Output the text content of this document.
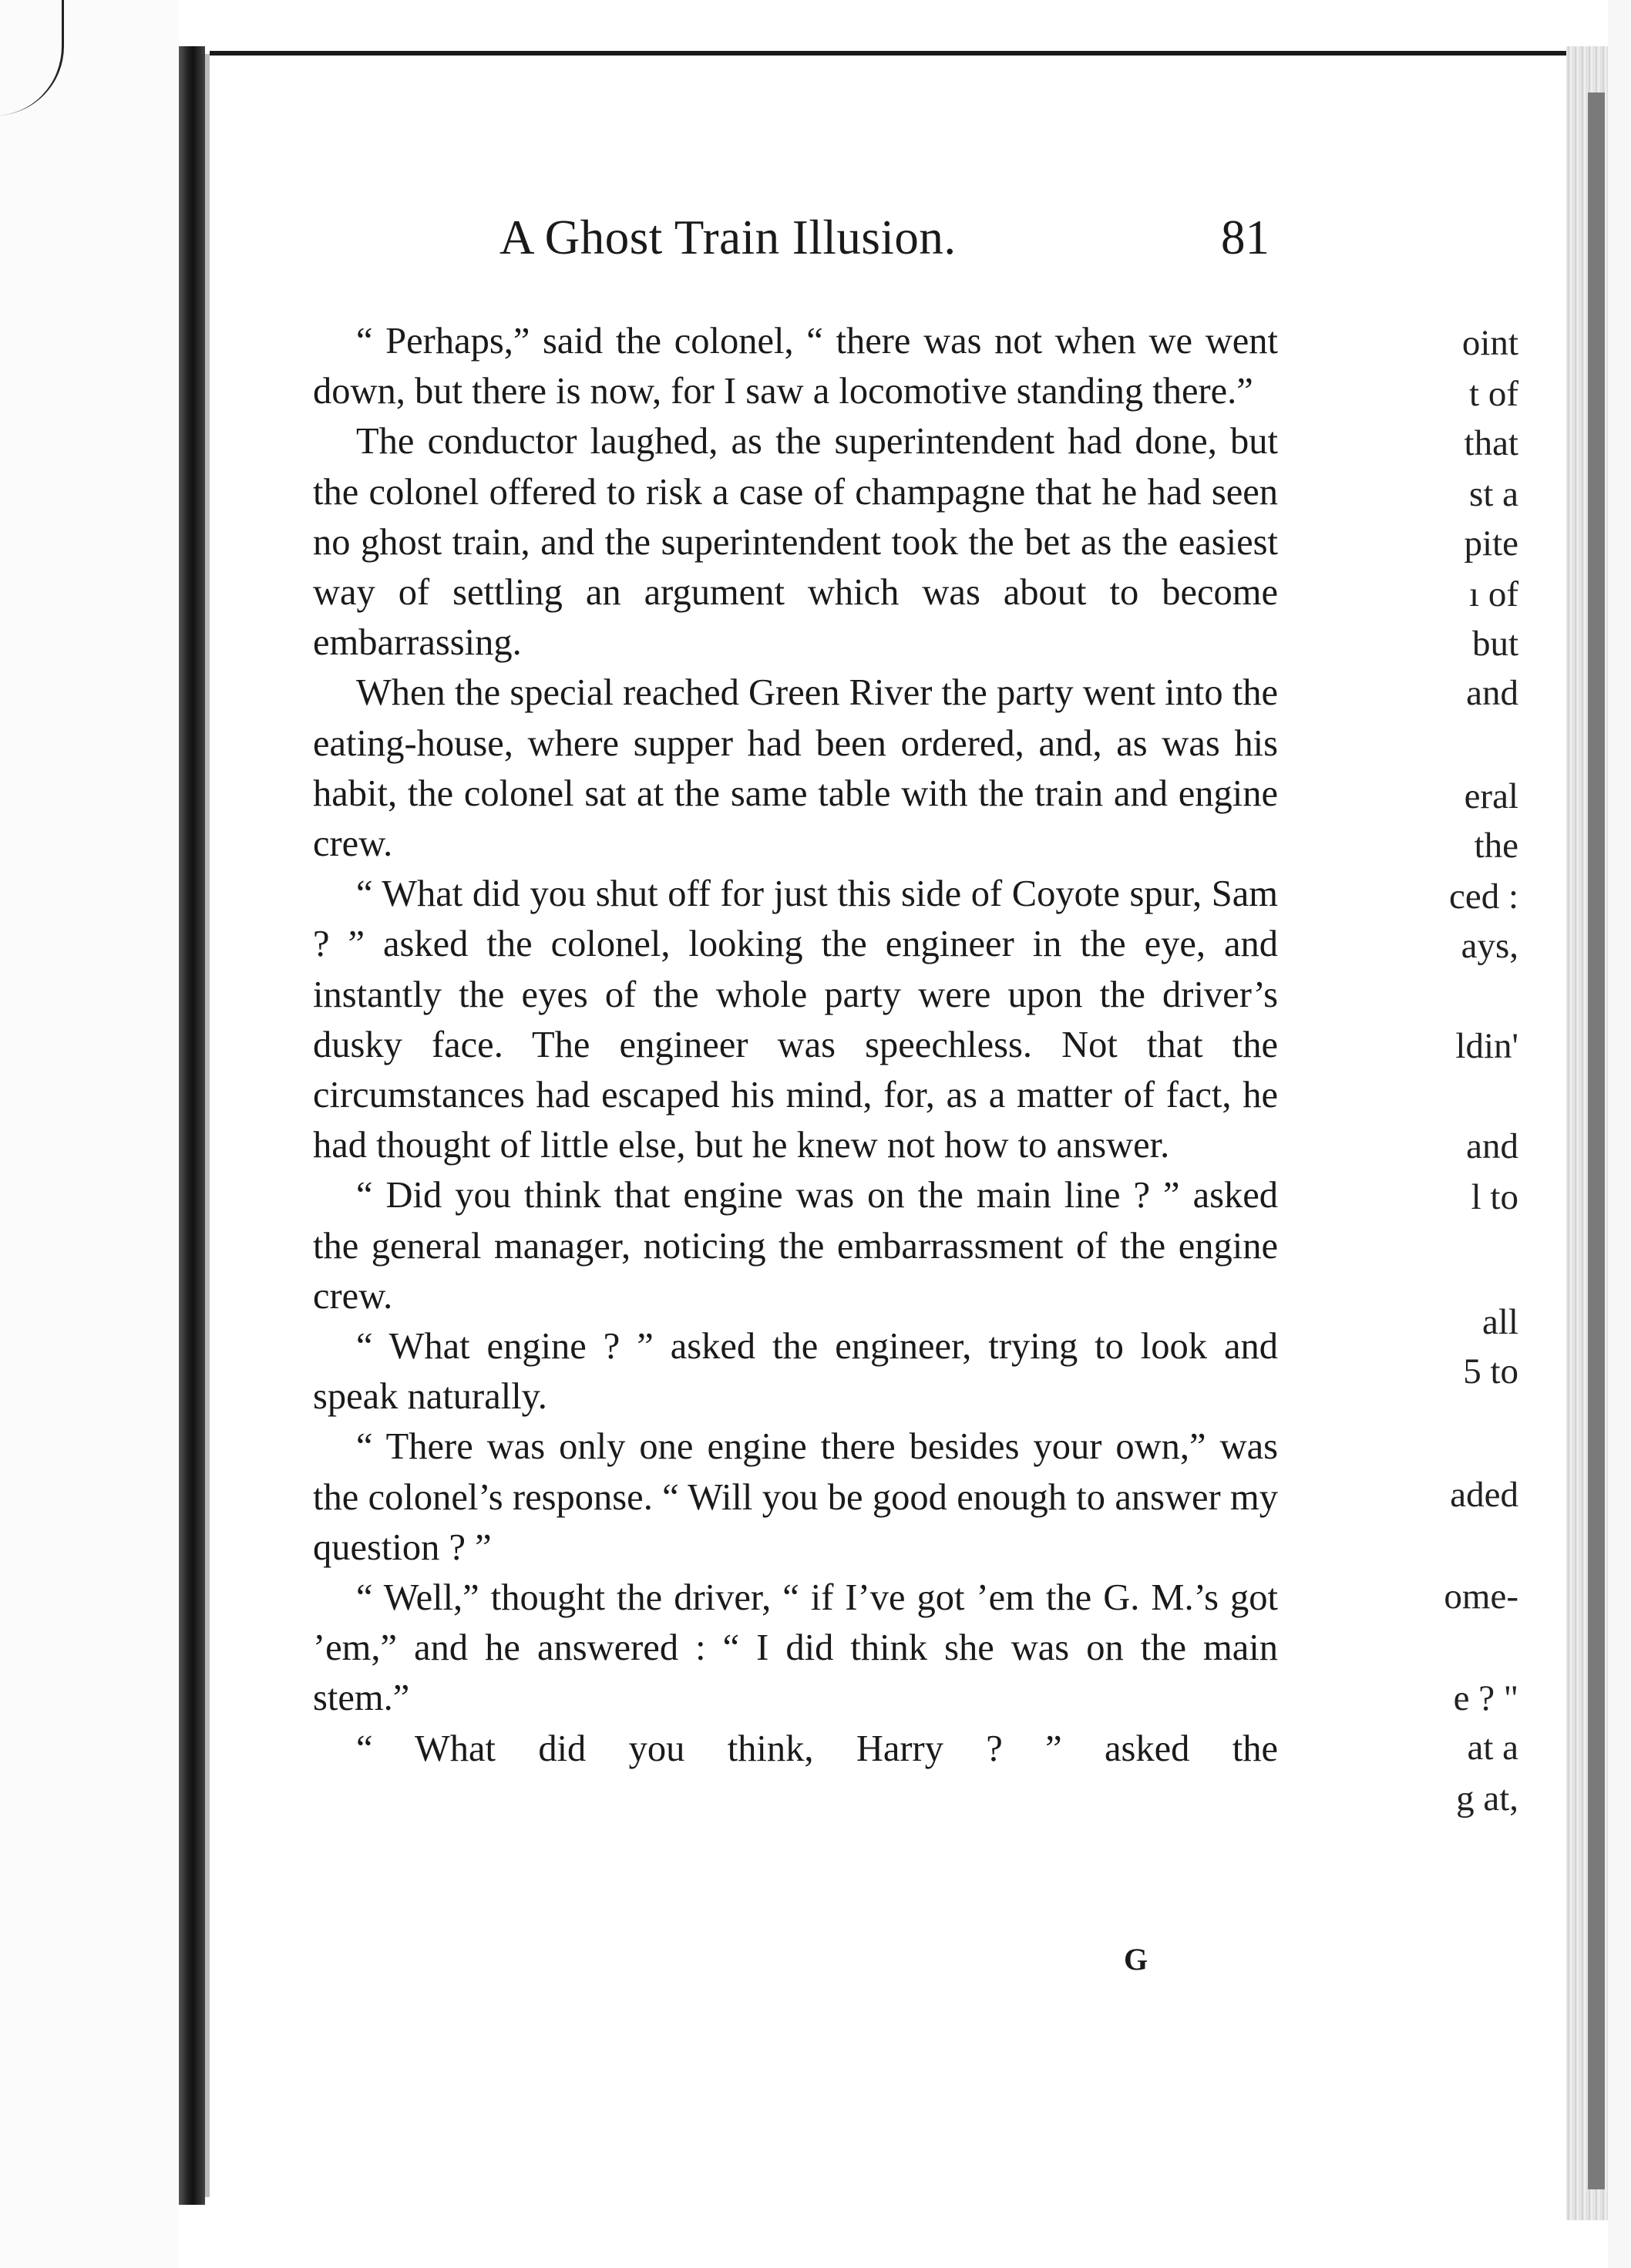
oint
t of
that
st a
pite
ı of
but
and
eral
the
ced :
ays,
ldin'
and
l to
all
5 to
aded
ome-
e ? "
at a
g at,
A Ghost Train Illusion.	81

“ Perhaps,” said the colonel, “ there was not when we went down, but there is now, for I saw a locomotive standing there.”

The conductor laughed, as the superintendent had done, but the colonel offered to risk a case of champagne that he had seen no ghost train, and the superintendent took the bet as the easiest way of settling an argument which was about to become embarrassing.

When the special reached Green River the party went into the eating-house, where supper had been ordered, and, as was his habit, the colonel sat at the same table with the train and engine crew.

“ What did you shut off for just this side of Coyote spur, Sam ? ” asked the colonel, looking the engineer in the eye, and instantly the eyes of the whole party were upon the driver’s dusky face. The engineer was speechless. Not that the circumstances had escaped his mind, for, as a matter of fact, he had thought of little else, but he knew not how to answer.

“ Did you think that engine was on the main line ? ” asked the general manager, noticing the embarrassment of the engine crew.

“ What engine ? ” asked the engineer, trying to look and speak naturally.

“ There was only one engine there besides your own,” was the colonel’s response. “ Will you be good enough to answer my question ? ”

“ Well,” thought the driver, “ if I’ve got ’em the G. M.’s got ’em,” and he answered : “ I did think she was on the main stem.”

“ What did you think, Harry ? ” asked the

G
